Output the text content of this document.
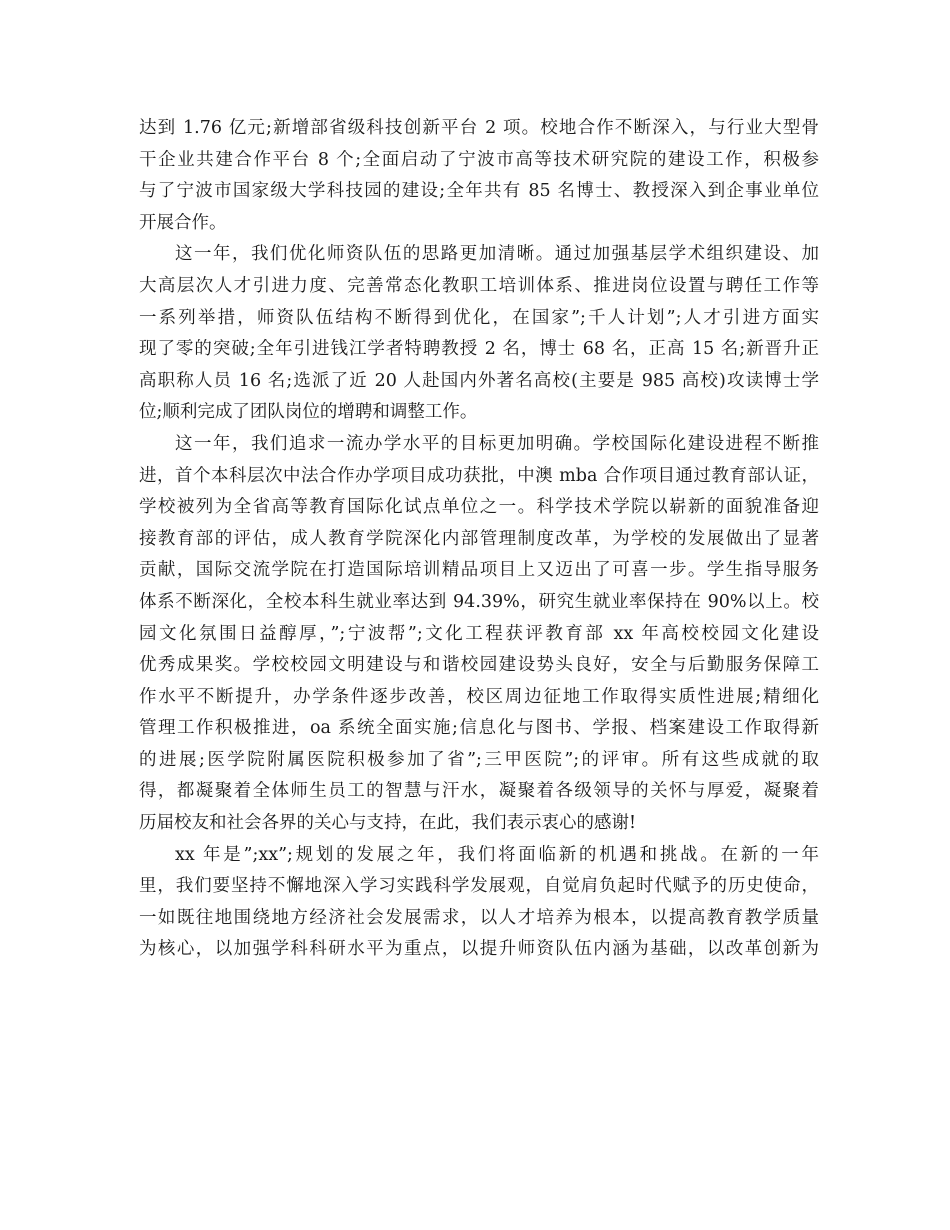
达到 1.76 亿元;新增部省级科技创新平台 2 项。校地合作不断深入，与行业大型骨
干企业共建合作平台 8 个;全面启动了宁波市高等技术研究院的建设工作，积极参
与了宁波市国家级大学科技园的建设;全年共有 85 名博士、教授深入到企事业单位
开展合作。
这一年，我们优化师资队伍的思路更加清晰。通过加强基层学术组织建设、加
大高层次人才引进力度、完善常态化教职工培训体系、推进岗位设置与聘任工作等
一系列举措，师资队伍结构不断得到优化，在国家”;千人计划”;人才引进方面实
现了零的突破;全年引进钱江学者特聘教授 2 名，博士 68 名，正高 15 名;新晋升正
高职称人员 16 名;选派了近 20 人赴国内外著名高校(主要是 985 高校)攻读博士学
位;顺利完成了团队岗位的增聘和调整工作。
这一年，我们追求一流办学水平的目标更加明确。学校国际化建设进程不断推
进，首个本科层次中法合作办学项目成功获批，中澳 mba 合作项目通过教育部认证，
学校被列为全省高等教育国际化试点单位之一。科学技术学院以崭新的面貌准备迎
接教育部的评估，成人教育学院深化内部管理制度改革，为学校的发展做出了显著
贡献，国际交流学院在打造国际培训精品项目上又迈出了可喜一步。学生指导服务
体系不断深化，全校本科生就业率达到 94.39%，研究生就业率保持在 90%以上。校
园文化氛围日益醇厚，”;宁波帮”;文化工程获评教育部 xx 年高校校园文化建设
优秀成果奖。学校校园文明建设与和谐校园建设势头良好，安全与后勤服务保障工
作水平不断提升，办学条件逐步改善，校区周边征地工作取得实质性进展;精细化
管理工作积极推进，oa 系统全面实施;信息化与图书、学报、档案建设工作取得新
的进展;医学院附属医院积极参加了省”;三甲医院”;的评审。所有这些成就的取
得，都凝聚着全体师生员工的智慧与汗水，凝聚着各级领导的关怀与厚爱，凝聚着
历届校友和社会各界的关心与支持，在此，我们表示衷心的感谢!
xx 年是”;xx”;规划的发展之年，我们将面临新的机遇和挑战。在新的一年
里，我们要坚持不懈地深入学习实践科学发展观，自觉肩负起时代赋予的历史使命，
一如既往地围绕地方经济社会发展需求，以人才培养为根本，以提高教育教学质量
为核心，以加强学科科研水平为重点，以提升师资队伍内涵为基础，以改革创新为
